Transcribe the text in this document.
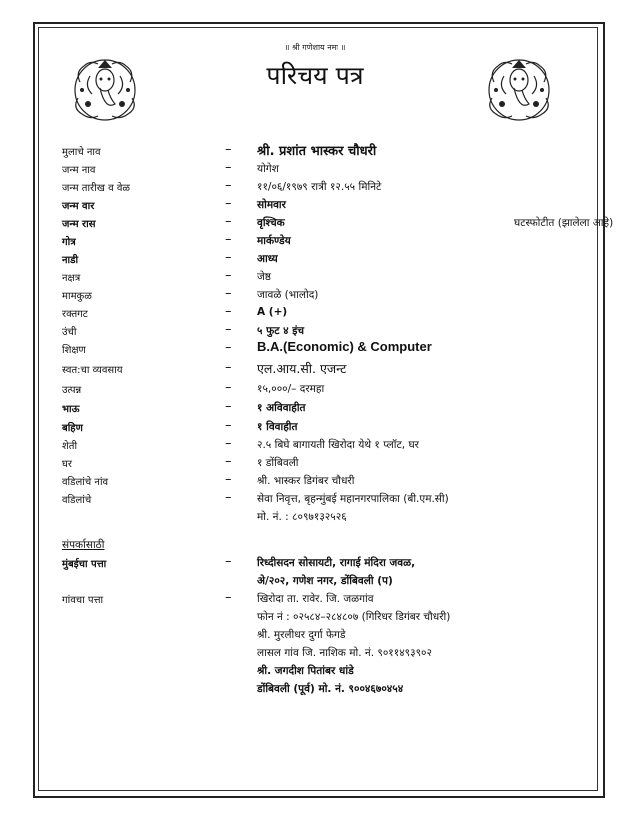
॥ श्री गणेशाय नमः ॥
परिचय पत्र
मुलाचे नाव	– श्री. प्रशांत भास्कर चौधरी
जन्म नाव	– योगेश
जन्म तारीख व वेळ	– ११/०६/१९७९ रात्री १२.५५ मिनिटे
जन्म वार	– सोमवार
जन्म रास	– वृश्चिक	घटस्फोटीत (झालेला आहे)
गोत्र	– मार्कण्डेय
नाडी	– आध्य
नक्षत्र	– जेष्ठ
मामकुळ	– जावळे (भालोद)
रक्तगट	– A (+)
उंची	– ५ फुट ४ इंच
शिक्षण	– B.A.(Economic) & Computer
स्वत:चा व्यवसाय	– एल.आय.सी. एजन्ट
उत्पन्न	– १५,०००/– दरमहा
भाऊ	– १ अविवाहीत
बहिण	– १ विवाहीत
शेती	– २.५ बिघे बागायती खिरोदा येथे १ प्लॉट, घर
घर	– १ डोंबिवली
वडिलांचे नांव	– श्री. भास्कर डिगंबर चौधरी
वडिलांचे	– सेवा निवृत्त, बृहन्मुंबई महानगरपालिका (बी.एम.सी)
मो. नं. : ८०९७१३२५२६
संपर्कासाठी
मुंबईचा पत्ता	– रिध्दीसदन सोसायटी, रागाई मंदिरा जवळ,
अे/२०२, गणेश नगर, डोंबिवली (प)
गांवचा पत्ता	– खिरोदा ता. रावेर. जि. जळगांव
फोन नं : ०२५८४–२८४८०७ (गिरिधर डिगंबर चौधरी)
श्री. मुरलीधर दुर्गा फेगडे
लासल गांव जि. नाशिक मो. नं. ९०११४९३९०२
श्री. जगदीश पितांबर धांडे
डोंबिवली (पूर्व) मो. नं. ९००४६७०४५४
